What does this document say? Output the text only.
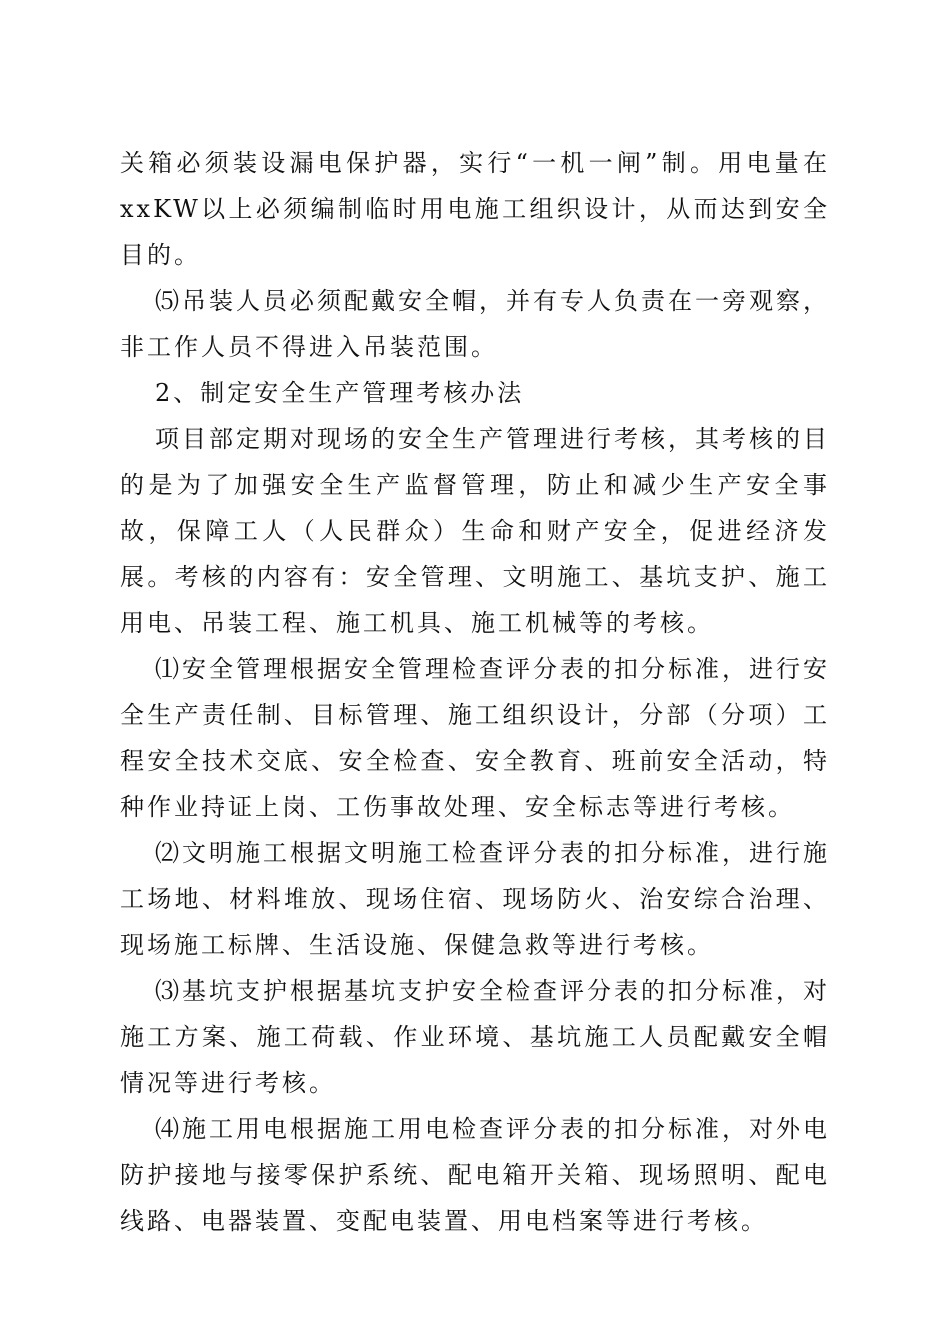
关箱必须装设漏电保护器，实行“一机一闸”制。用电量在xxKW以上必须编制临时用电施工组织设计，从而达到安全目的。

⑸吊装人员必须配戴安全帽，并有专人负责在一旁观察，非工作人员不得进入吊装范围。

2、制定安全生产管理考核办法

项目部定期对现场的安全生产管理进行考核，其考核的目的是为了加强安全生产监督管理，防止和减少生产安全事故，保障工人（人民群众）生命和财产安全，促进经济发展。考核的内容有：安全管理、文明施工、基坑支护、施工用电、吊装工程、施工机具、施工机械等的考核。

⑴安全管理根据安全管理检查评分表的扣分标准，进行安全生产责任制、目标管理、施工组织设计，分部（分项）工程安全技术交底、安全检查、安全教育、班前安全活动，特种作业持证上岗、工伤事故处理、安全标志等进行考核。

⑵文明施工根据文明施工检查评分表的扣分标准，进行施工场地、材料堆放、现场住宿、现场防火、治安综合治理、现场施工标牌、生活设施、保健急救等进行考核。

⑶基坑支护根据基坑支护安全检查评分表的扣分标准，对施工方案、施工荷载、作业环境、基坑施工人员配戴安全帽情况等进行考核。

⑷施工用电根据施工用电检查评分表的扣分标准，对外电防护接地与接零保护系统、配电箱开关箱、现场照明、配电线路、电器装置、变配电装置、用电档案等进行考核。
